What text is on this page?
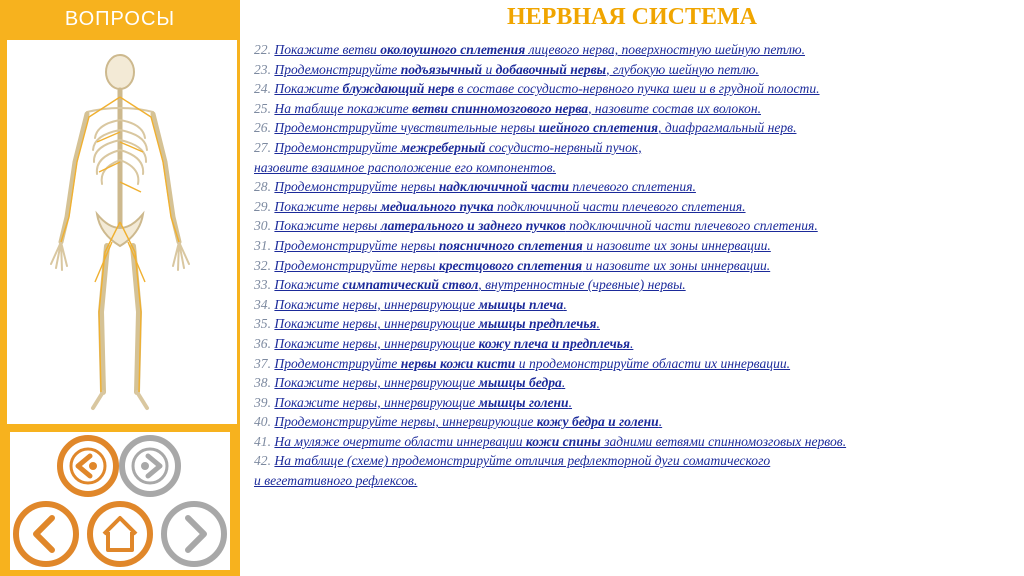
ВОПРОСЫ	НЕРВНАЯ СИСТЕМА
22. Покажите ветви околоушного сплетения лицевого нерва, поверхностную шейную петлю.
23. Продемонстрируйте подъязычный и добавочный нервы, глубокую шейную петлю.
24. Покажите блуждающий нерв в составе сосудисто-нервного пучка шеи и в грудной полости.
25. На таблице покажите ветви спинномозгового нерва, назовите состав их волокон.
26. Продемонстрируйте чувствительные нервы шейного сплетения, диафрагмальный нерв.
27. Продемонстрируйте межреберный сосудисто-нервный пучок,
назовите взаимное расположение его компонентов.
28. Продемонстрируйте нервы надключичной части плечевого сплетения.
29. Покажите нервы медиального пучка подключичной части плечевого сплетения.
30. Покажите нервы латерального и заднего пучков подключичной части плечевого сплетения.
31. Продемонстрируйте нервы поясничного сплетения и назовите их зоны иннервации.
32. Продемонстрируйте нервы крестцового сплетения и назовите их зоны иннервации.
33. Покажите симпатический ствол, внутренностные (чревные) нервы.
34. Покажите нервы, иннервирующие мышцы плеча.
35. Покажите нервы, иннервирующие мышцы предплечья.
36. Покажите нервы, иннервирующие кожу плеча и предплечья.
37. Продемонстрируйте нервы кожи кисти и продемонстрируйте области их иннервации.
38. Покажите нервы, иннервирующие мышцы бедра.
39. Покажите нервы, иннервирующие мышцы голени.
40. Продемонстрируйте нервы, иннервирующие кожу бедра и голени.
41. На муляже очертите области иннервации кожи спины задними ветвями спинномозговых нервов.
42. На таблице (схеме) продемонстрируйте отличия рефлекторной дуги соматического
и вегетативного рефлексов.
